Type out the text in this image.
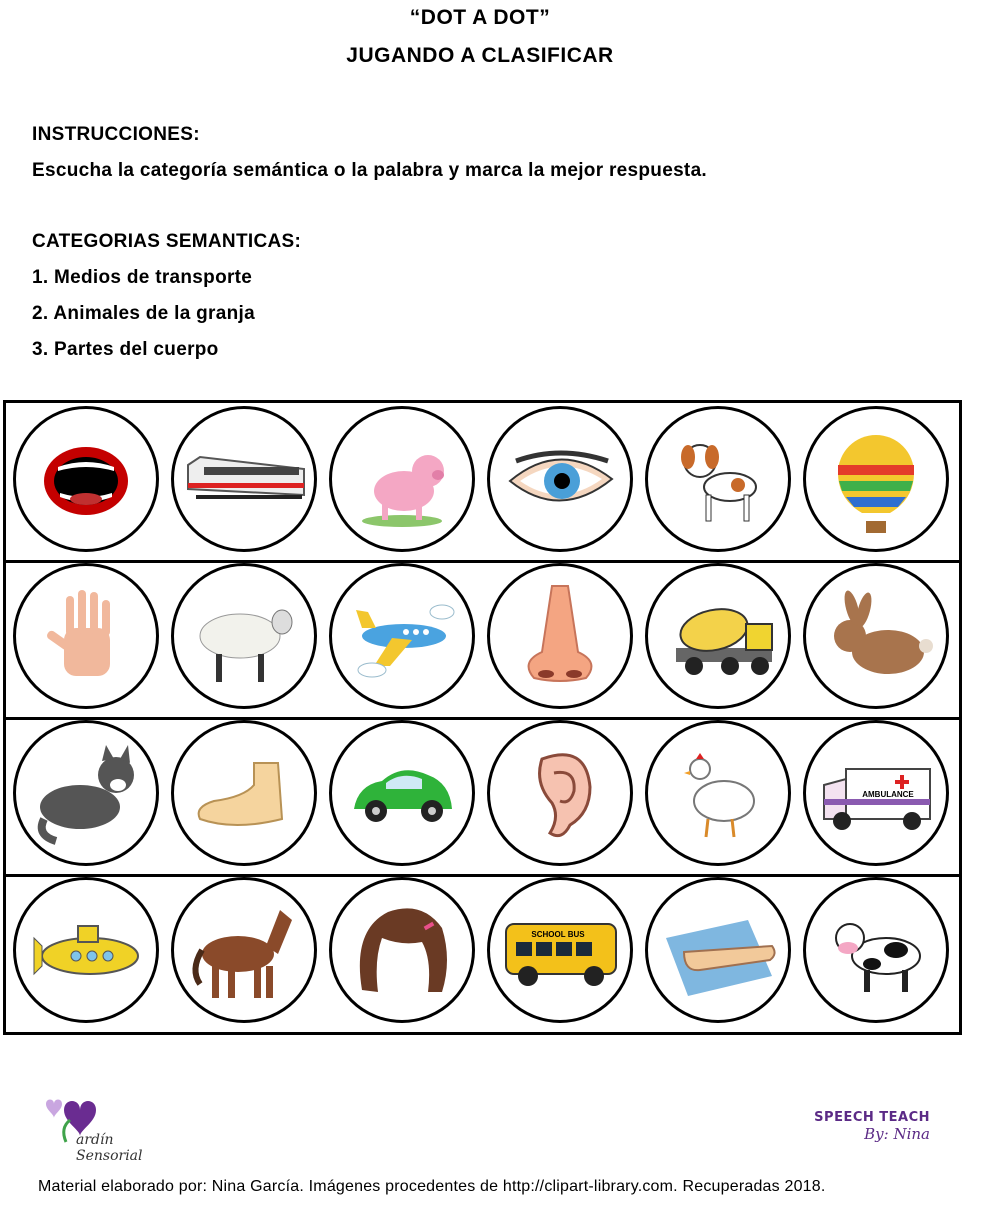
“DOT A DOT”
JUGANDO A CLASIFICAR
INSTRUCCIONES:
Escucha la categoría semántica o la palabra y marca la mejor respuesta.
CATEGORIAS SEMANTICAS:
1. Medios de transporte
2. Animales de la granja
3. Partes del cuerpo
AMBULANCE
SCHOOL BUS
ardín Sensorial
SPEECH TEACH
By: Nina
Material elaborado por: Nina García. Imágenes procedentes de http://clipart-library.com. Recuperadas 2018.
